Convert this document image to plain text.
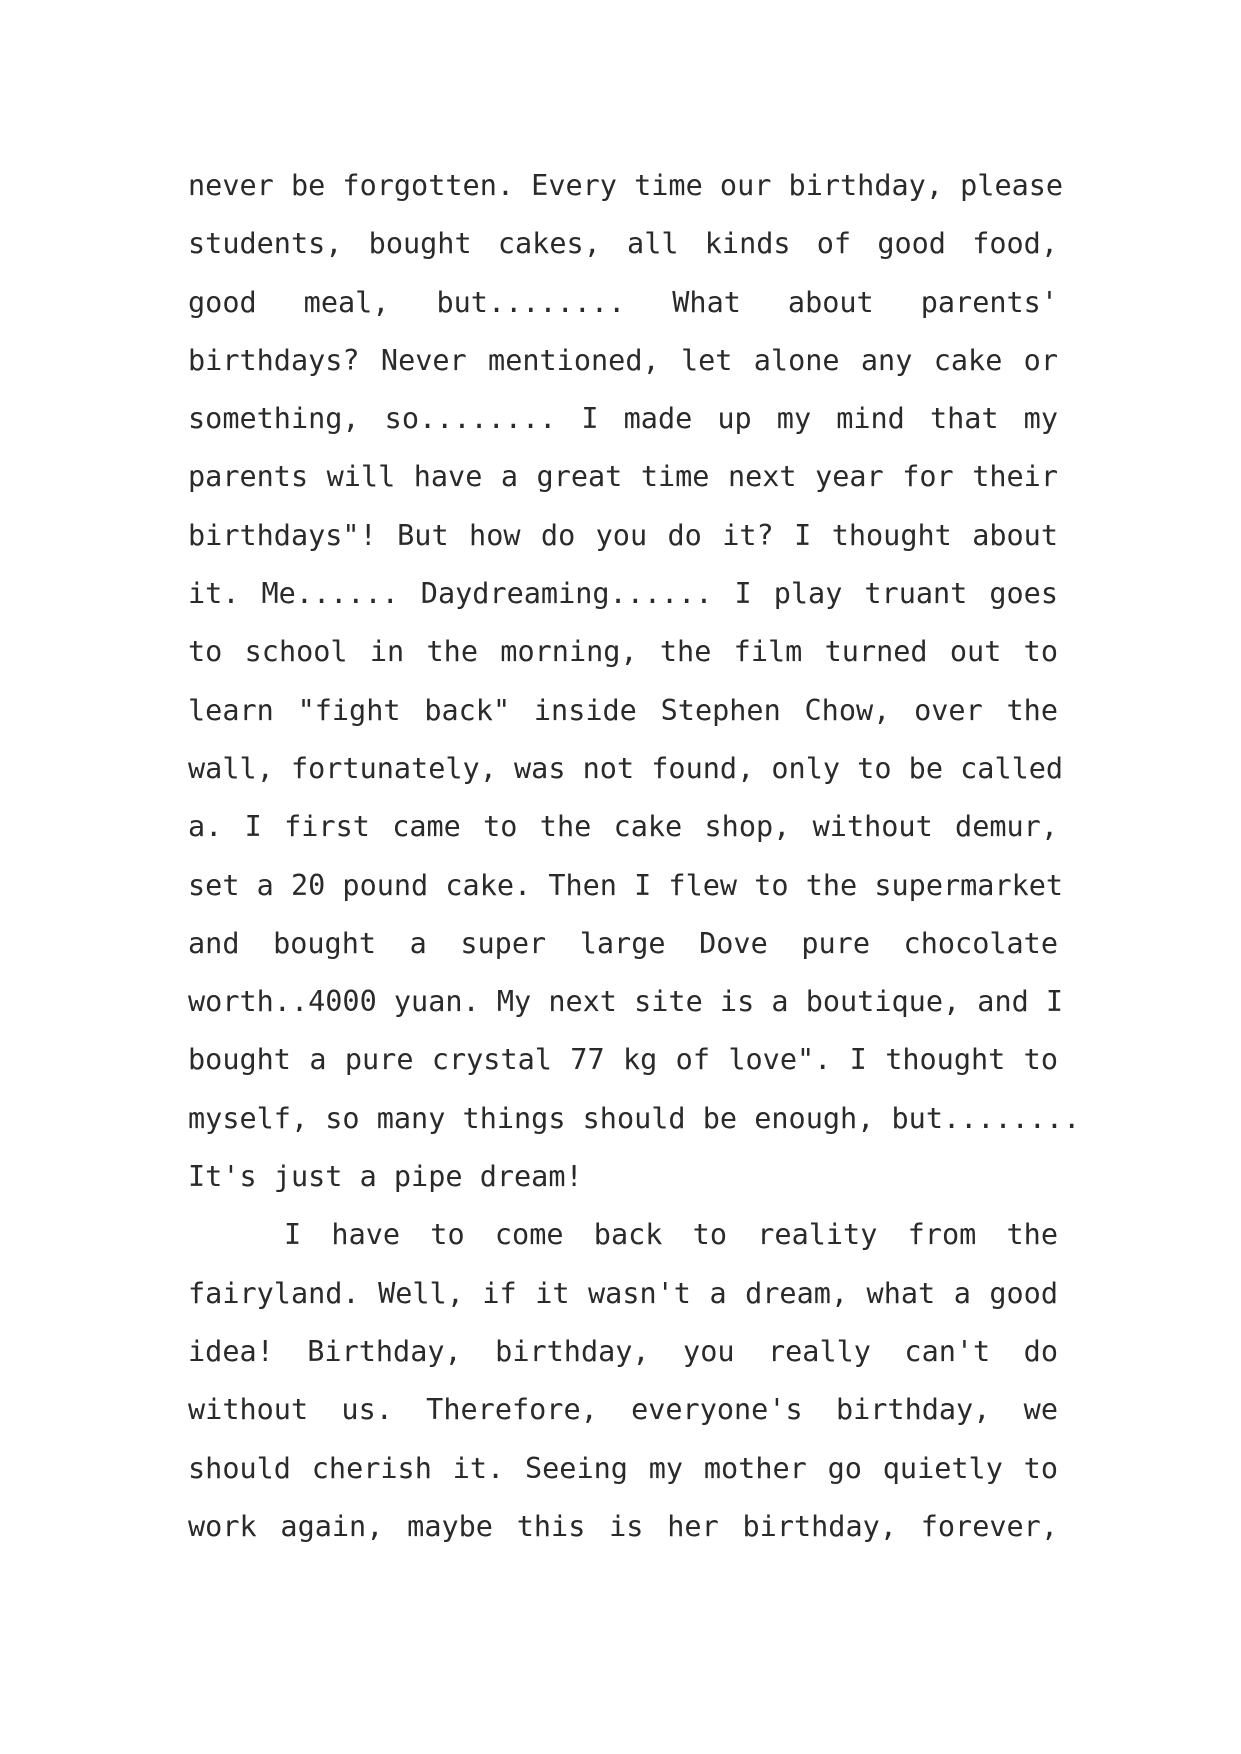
never be forgotten. Every time our birthday, please
students, bought cakes, all kinds of good food,
good meal, but........ What about parents'
birthdays? Never mentioned, let alone any cake or
something, so........ I made up my mind that my
parents will have a great time next year for their
birthdays"! But how do you do it? I thought about
it. Me...... Daydreaming...... I play truant goes
to school in the morning, the film turned out to
learn "fight back" inside Stephen Chow, over the
wall, fortunately, was not found, only to be called
a. I first came to the cake shop, without demur,
set a 20 pound cake. Then I flew to the supermarket
and bought a super large Dove pure chocolate
worth..4000 yuan. My next site is a boutique, and I
bought a pure crystal 77 kg of love". I thought to
myself, so many things should be enough, but........
It's just a pipe dream!
I have to come back to reality from the
fairyland. Well, if it wasn't a dream, what a good
idea! Birthday, birthday, you really can't do
without us. Therefore, everyone's birthday, we
should cherish it. Seeing my mother go quietly to
work again, maybe this is her birthday, forever,
